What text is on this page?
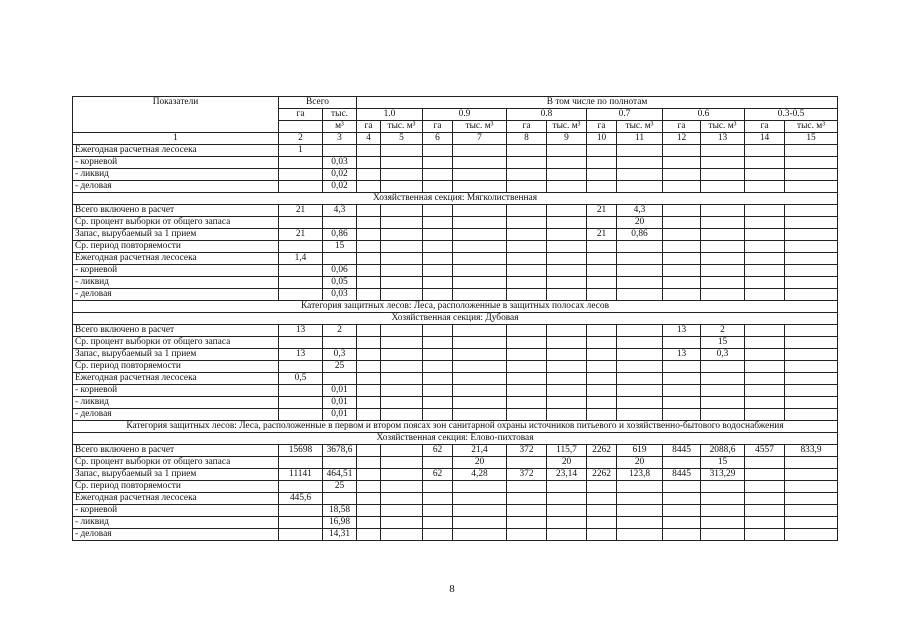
Показатели	Всего		В том числе по полнотам											
	га	тыс.	1.0		0.9		0.8		0.7		0.6		0.3-0.5	
		м³	га	тыс. м³	га	тыс. м³	га	тыс. м³	га	тыс. м³	га	тыс. м³	га	тыс. м³
1	2	3	4	5	6	7	8	9	10	11	12	13	14	15
Ежегодная расчетная лесосека	1													
- корневой		0,03												
- ликвид		0,02												
- деловая		0,02												
Хозяйственная секция: Мягколиственная														
Всего включено в расчет	21	4,3							21	4,3				
Ср. процент выборки от общего запаса										20				
Запас, вырубаемый за 1 прием	21	0,86							21	0,86				
Ср. период повторяемости		15												
Ежегодная расчетная лесосека	1,4													
- корневой		0,06												
- ликвид		0,05												
- деловая		0,03												
Категория защитных лесов: Леса, расположенные в защитных полосах лесов														
Хозяйственная секция: Дубовая														
Всего включено в расчет	13	2									13	2		
Ср. процент выборки от общего запаса												15		
Запас, вырубаемый за 1 прием	13	0,3									13	0,3		
Ср. период повторяемости		25												
Ежегодная расчетная лесосека	0,5													
- корневой		0,01												
- ликвид		0,01												
- деловая		0,01												
Категория защитных лесов: Леса, расположенные в первом и втором поясах зон санитарной охраны источников питьевого и хозяйственно-бытового водоснабжения														
Хозяйственная секция: Елово-пихтовая														
Всего включено в расчет	15698	3678,6			62	21,4	372	115,7	2262	619	8445	2088,6	4557	833,9
Ср. процент выборки от общего запаса						20		20		20		15		
Запас, вырубаемый за 1 прием	11141	464,51			62	4,28	372	23,14	2262	123,8	8445	313,29		
Ср. период повторяемости		25												
Ежегодная расчетная лесосека	445,6													
- корневой		18,58												
- ликвид		16,98												
- деловая		14,31												
8
